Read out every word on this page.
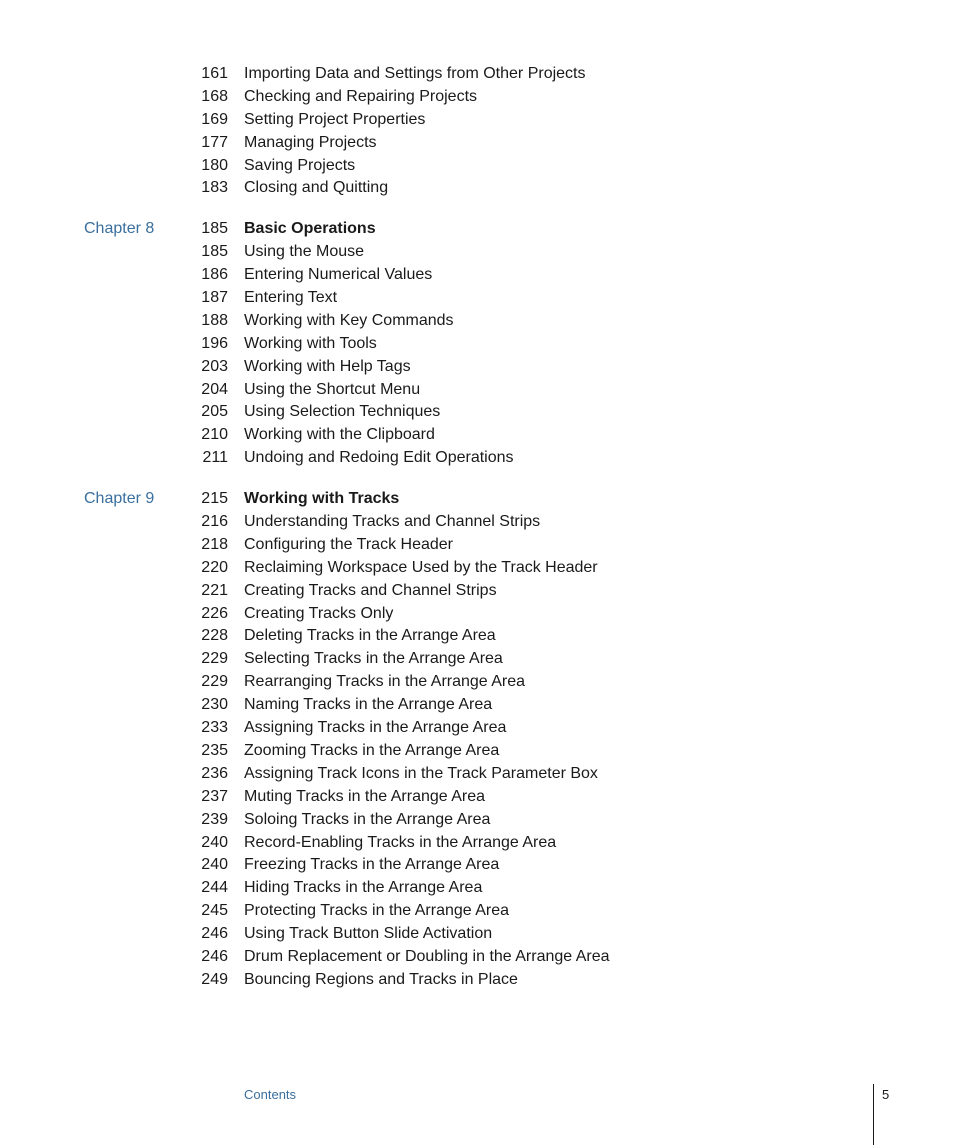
161 Importing Data and Settings from Other Projects
168 Checking and Repairing Projects
169 Setting Project Properties
177 Managing Projects
180 Saving Projects
183 Closing and Quitting
Chapter 8	185 Basic Operations
185 Using the Mouse
186 Entering Numerical Values
187 Entering Text
188 Working with Key Commands
196 Working with Tools
203 Working with Help Tags
204 Using the Shortcut Menu
205 Using Selection Techniques
210 Working with the Clipboard
211 Undoing and Redoing Edit Operations
Chapter 9	215 Working with Tracks
216 Understanding Tracks and Channel Strips
218 Configuring the Track Header
220 Reclaiming Workspace Used by the Track Header
221 Creating Tracks and Channel Strips
226 Creating Tracks Only
228 Deleting Tracks in the Arrange Area
229 Selecting Tracks in the Arrange Area
229 Rearranging Tracks in the Arrange Area
230 Naming Tracks in the Arrange Area
233 Assigning Tracks in the Arrange Area
235 Zooming Tracks in the Arrange Area
236 Assigning Track Icons in the Track Parameter Box
237 Muting Tracks in the Arrange Area
239 Soloing Tracks in the Arrange Area
240 Record-Enabling Tracks in the Arrange Area
240 Freezing Tracks in the Arrange Area
244 Hiding Tracks in the Arrange Area
245 Protecting Tracks in the Arrange Area
246 Using Track Button Slide Activation
246 Drum Replacement or Doubling in the Arrange Area
249 Bouncing Regions and Tracks in Place
Contents	5
